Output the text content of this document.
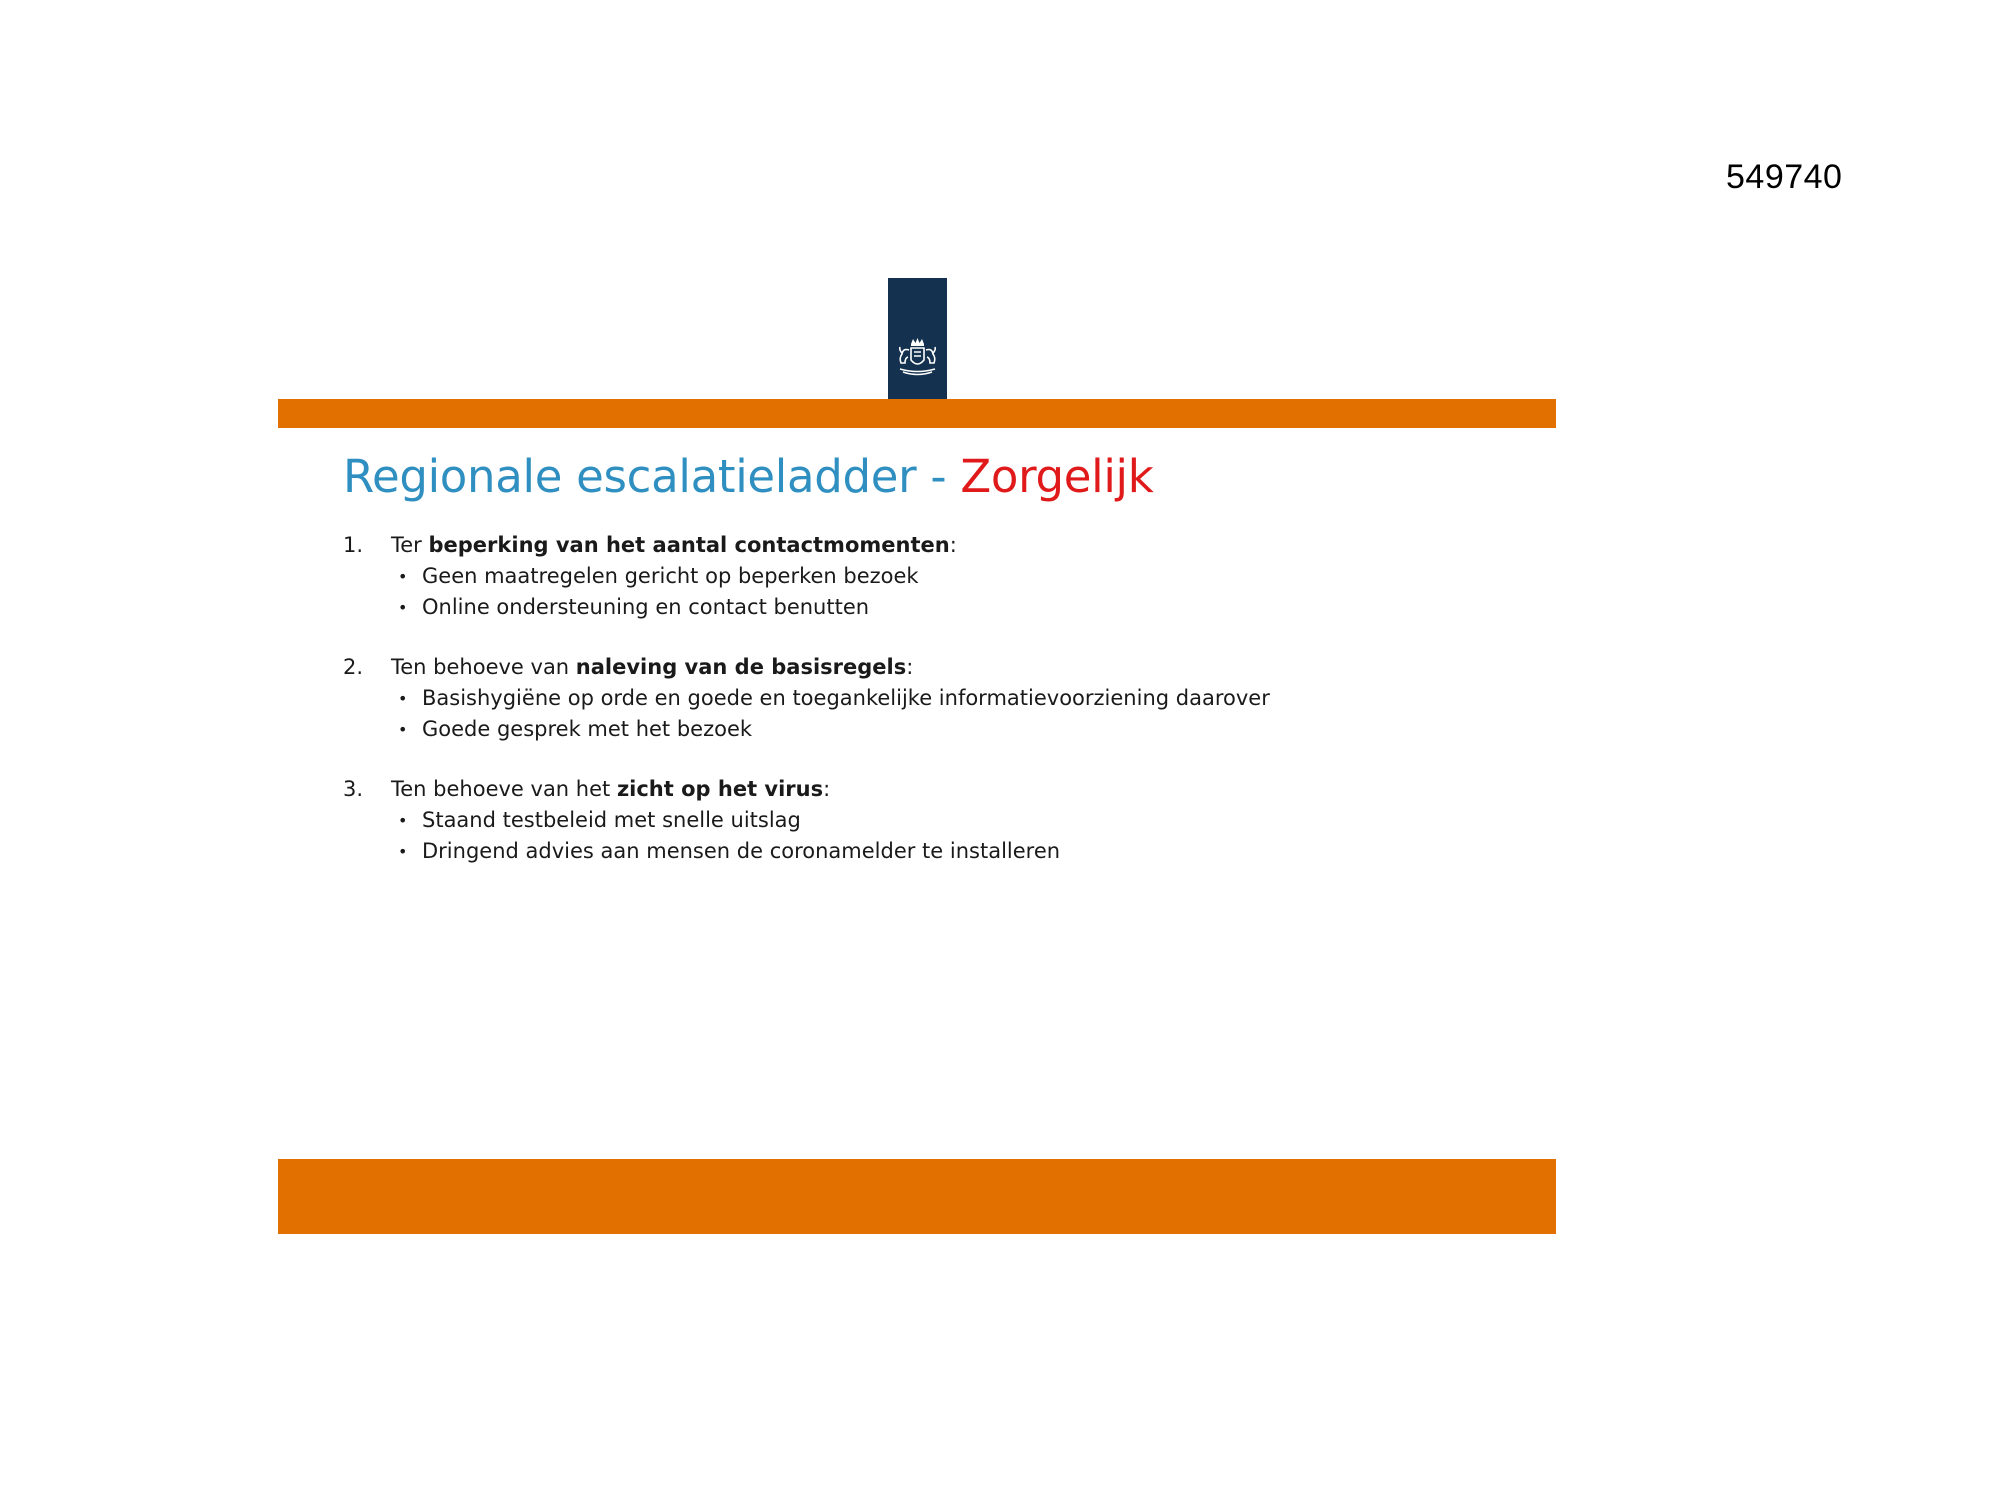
549740
Regionale escalatieladder - Zorgelijk
1. Ter beperking van het aantal contactmomenten:
• Geen maatregelen gericht op beperken bezoek
• Online ondersteuning en contact benutten
2. Ten behoeve van naleving van de basisregels:
• Basishygiëne op orde en goede en toegankelijke informatievoorziening daarover
• Goede gesprek met het bezoek
3. Ten behoeve van het zicht op het virus:
• Staand testbeleid met snelle uitslag
• Dringend advies aan mensen de coronamelder te installeren
